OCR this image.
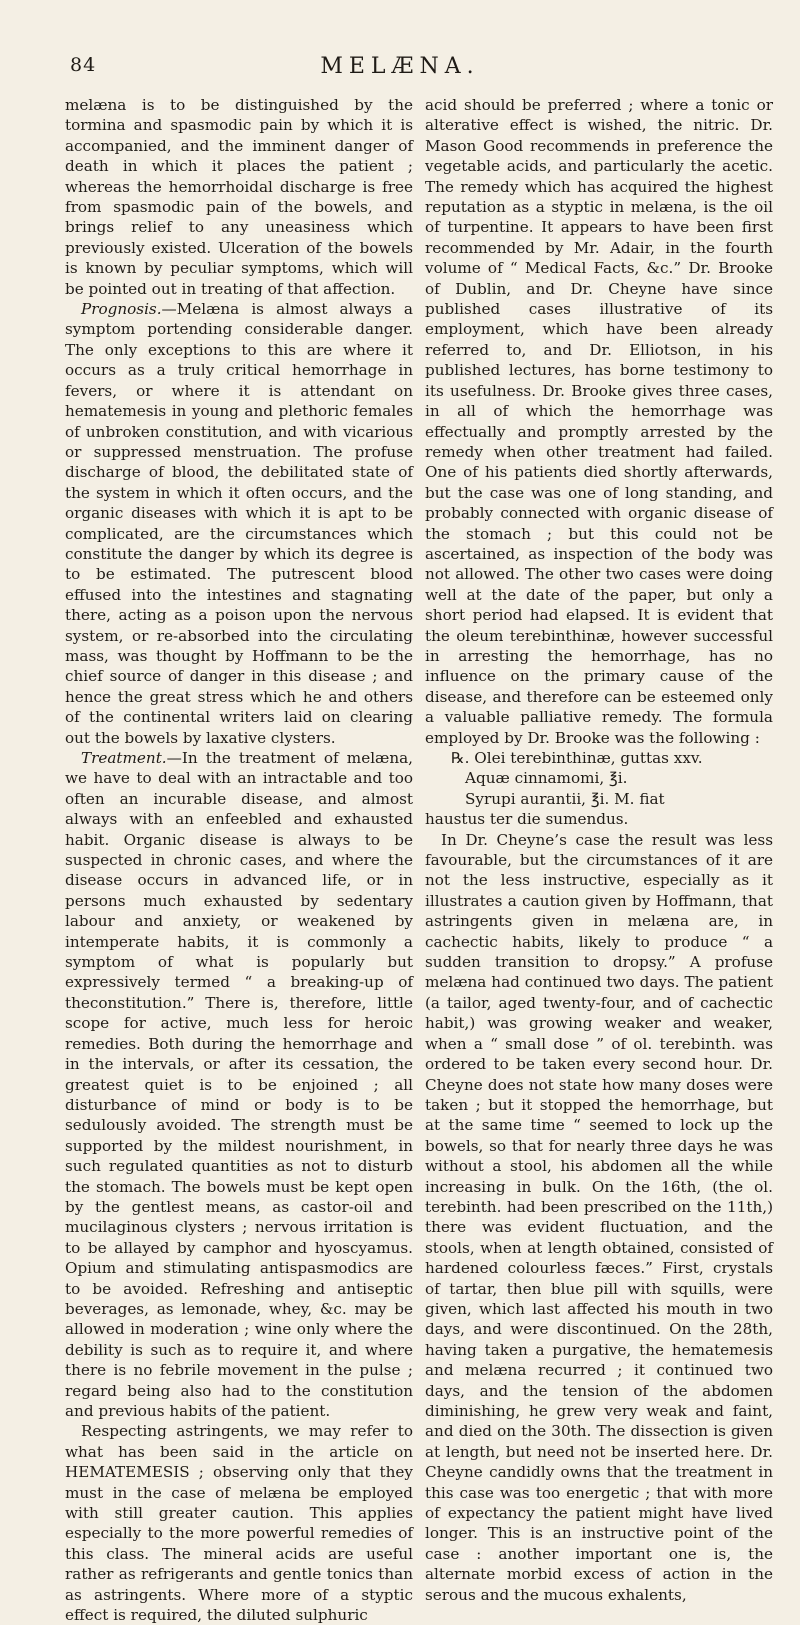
84	MELÆNA.

melæna is to be distinguished by the tormina and spasmodic pain by which it is accompanied, and the imminent danger of death in which it places the patient ; whereas the hemorrhoidal discharge is free from spasmodic pain of the bowels, and brings relief to any uneasiness which previously existed. Ulceration of the bowels is known by peculiar symptoms, which will be pointed out in treating of that affection.

Prognosis.—Melæna is almost always a symptom portending considerable danger. The only exceptions to this are where it occurs as a truly critical hemorrhage in fevers, or where it is attendant on hematemesis in young and plethoric females of unbroken constitution, and with vicarious or suppressed menstruation. The profuse discharge of blood, the debilitated state of the system in which it often occurs, and the organic diseases with which it is apt to be complicated, are the circumstances which constitute the danger by which its degree is to be estimated. The putrescent blood effused into the intestines and stagnating there, acting as a poison upon the nervous system, or re-absorbed into the circulating mass, was thought by Hoffmann to be the chief source of danger in this disease ; and hence the great stress which he and others of the continental writers laid on clearing out the bowels by laxative clysters.

Treatment.—In the treatment of melæna, we have to deal with an intractable and too often an incurable disease, and almost always with an enfeebled and exhausted habit. Organic disease is always to be suspected in chronic cases, and where the disease occurs in advanced life, or in persons much exhausted by sedentary labour and anxiety, or weakened by intemperate habits, it is commonly a symptom of what is popularly but expressively termed “ a breaking-up of theconstitution.” There is, therefore, little scope for active, much less for heroic remedies. Both during the hemorrhage and in the intervals, or after its cessation, the greatest quiet is to be enjoined ; all disturbance of mind or body is to be sedulously avoided. The strength must be supported by the mildest nourishment, in such regulated quantities as not to disturb the stomach. The bowels must be kept open by the gentlest means, as castor-oil and mucilaginous clysters ; nervous irritation is to be allayed by camphor and hyoscyamus. Opium and stimulating antispasmodics are to be avoided. Refreshing and antiseptic beverages, as lemonade, whey, &c. may be allowed in moderation ; wine only where the debility is such as to require it, and where there is no febrile movement in the pulse ; regard being also had to the constitution and previous habits of the patient.

Respecting astringents, we may refer to what has been said in the article on HEMATEMESIS ; observing only that they must in the case of melæna be employed with still greater caution. This applies especially to the more powerful remedies of this class. The mineral acids are useful rather as refrigerants and gentle tonics than as astringents. Where more of a styptic effect is required, the diluted sulphuric

acid should be preferred ; where a tonic or alterative effect is wished, the nitric. Dr. Mason Good recommends in preference the vegetable acids, and particularly the acetic. The remedy which has acquired the highest reputation as a styptic in melæna, is the oil of turpentine. It appears to have been first recommended by Mr. Adair, in the fourth volume of “ Medical Facts, &c.” Dr. Brooke of Dublin, and Dr. Cheyne have since published cases illustrative of its employment, which have been already referred to, and Dr. Elliotson, in his published lectures, has borne testimony to its usefulness. Dr. Brooke gives three cases, in all of which the hemorrhage was effectually and promptly arrested by the remedy when other treatment had failed. One of his patients died shortly afterwards, but the case was one of long standing, and probably connected with organic disease of the stomach ; but this could not be ascertained, as inspection of the body was not allowed. The other two cases were doing well at the date of the paper, but only a short period had elapsed. It is evident that the oleum terebinthinæ, however successful in arresting the hemorrhage, has no influence on the primary cause of the disease, and therefore can be esteemed only a valuable palliative remedy. The formula employed by Dr. Brooke was the following :

℞. Olei terebinthinæ, guttas xxv.
Aquæ cinnamomi, ℥i.
Syrupi aurantii, ℥i. M. fiat

haustus ter die sumendus.

In Dr. Cheyne’s case the result was less favourable, but the circumstances of it are not the less instructive, especially as it illustrates a caution given by Hoffmann, that astringents given in melæna are, in cachectic habits, likely to produce “ a sudden transition to dropsy.” A profuse melæna had continued two days. The patient (a tailor, aged twenty-four, and of cachectic habit,) was growing weaker and weaker, when a “ small dose ” of ol. terebinth. was ordered to be taken every second hour. Dr. Cheyne does not state how many doses were taken ; but it stopped the hemorrhage, but at the same time “ seemed to lock up the bowels, so that for nearly three days he was without a stool, his abdomen all the while increasing in bulk. On the 16th, (the ol. terebinth. had been prescribed on the 11th,) there was evident fluctuation, and the stools, when at length obtained, consisted of hardened colourless fæces.” First, crystals of tartar, then blue pill with squills, were given, which last affected his mouth in two days, and were discontinued. On the 28th, having taken a purgative, the hematemesis and melæna recurred ; it continued two days, and the tension of the abdomen diminishing, he grew very weak and faint, and died on the 30th. The dissection is given at length, but need not be inserted here. Dr. Cheyne candidly owns that the treatment in this case was too energetic ; that with more of expectancy the patient might have lived longer. This is an instructive point of the case : another important one is, the alternate morbid excess of action in the serous and the mucous exhalents,
